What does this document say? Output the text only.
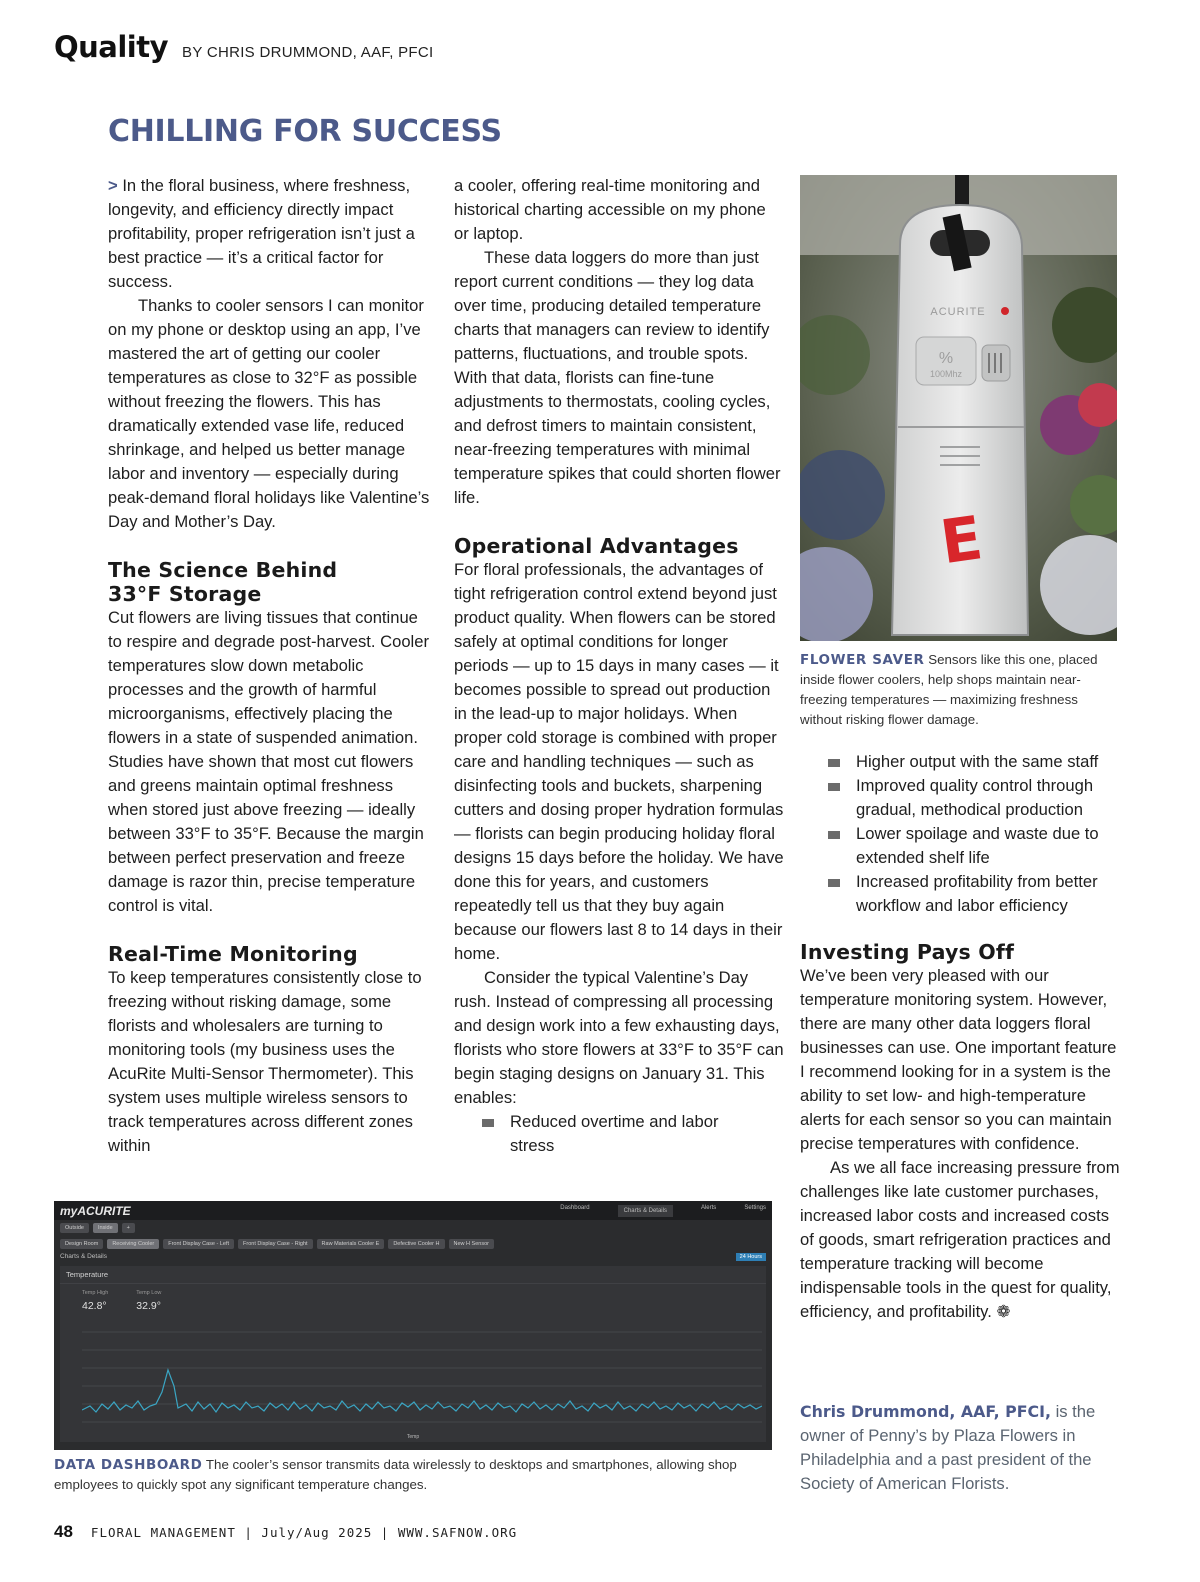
Quality BY CHRIS DRUMMOND, AAF, PFCI
CHILLING FOR SUCCESS

> In the floral business, where freshness, longevity, and efficiency directly impact profitability, proper refrigeration isn’t just a best practice — it’s a critical factor for success.

Thanks to cooler sensors I can monitor on my phone or desktop using an app, I’ve mastered the art of getting our cooler temperatures as close to 32°F as possible without freezing the flowers. This has dramatically extended vase life, reduced shrinkage, and helped us better manage labor and inventory — especially during peak-demand floral holidays like Valentine’s Day and Mother’s Day.

The Science Behind
33°F Storage

Cut flowers are living tissues that continue to respire and degrade post-harvest. Cooler temperatures slow down metabolic processes and the growth of harmful microorganisms, effectively placing the flowers in a state of suspended animation. Studies have shown that most cut flowers and greens maintain optimal freshness when stored just above freezing — ideally between 33°F to 35°F. Because the margin between perfect preservation and freeze damage is razor thin, precise temperature control is vital.

Real-Time Monitoring

To keep temperatures consistently close to freezing without risking damage, some florists and wholesalers are turning to monitoring tools (my business uses the AcuRite Multi-Sensor Thermometer). This system uses multiple wireless sensors to track temperatures across different zones within

a cooler, offering real-time monitoring and historical charting accessible on my phone or laptop.

These data loggers do more than just report current conditions — they log data over time, producing detailed temperature charts that managers can review to identify patterns, fluctuations, and trouble spots. With that data, florists can fine-tune adjustments to thermostats, cooling cycles, and defrost timers to maintain consistent, near-freezing temperatures with minimal temperature spikes that could shorten flower life.

Operational Advantages

For floral professionals, the advantages of tight refrigeration control extend beyond just product quality. When flowers can be stored safely at optimal conditions for longer periods — up to 15 days in many cases — it becomes possible to spread out production in the lead-up to major holidays. When proper cold storage is combined with proper care and handling techniques — such as disinfecting tools and buckets, sharpening cutters and dosing proper hydration formulas — florists can begin producing holiday floral designs 15 days before the holiday. We have done this for years, and customers repeatedly tell us that they buy again because our flowers last 8 to 14 days in their home.

Consider the typical Valentine’s Day rush. Instead of compressing all processing and design work into a few exhausting days, florists who store flowers at 33°F to 35°F can begin staging designs on January 31. This enables:

Reduced overtime and labor stress
ACURITE
%
100Mhz
E
FLOWER SAVER Sensors like this one, placed inside flower coolers, help shops maintain near-freezing temperatures — maximizing freshness without risking flower damage.
Higher output with the same staff
Improved quality control through gradual, methodical production
Lower spoilage and waste due to extended shelf life
Increased profitability from better workflow and labor efficiency
Investing Pays Off

We’ve been very pleased with our temperature monitoring system. However, there are many other data loggers floral businesses can use. One important feature I recommend looking for in a system is the ability to set low- and high-temperature alerts for each sensor so you can maintain precise temperatures with confidence.

As we all face increasing pressure from challenges like late customer purchases, increased labor costs and increased costs of goods, smart refrigeration practices and temperature tracking will become indispensable tools in the quest for quality, efficiency, and profitability. ❁

Chris Drummond, AAF, PFCI, is the owner of Penny’s by Plaza Flowers in Philadelphia and a past president of the Society of American Florists.
myACURITE	Dashboard	Charts & Details	Alerts	Settings
Outside	Inside	+
Design Room	Receiving Cooler	Front Display Case - Left	Front Display Case - Right	Raw Materials Cooler E	Defective Cooler H	New H Sensor
Charts & Details	24 Hours
Temperature
Temp High
42.8°
Temp Low
32.9°
Temp
DATA DASHBOARD The cooler’s sensor transmits data wirelessly to desktops and smartphones, allowing shop employees to quickly spot any significant temperature changes.
48 FLORAL MANAGEMENT | July/Aug 2025 | WWW.SAFNOW.ORG
